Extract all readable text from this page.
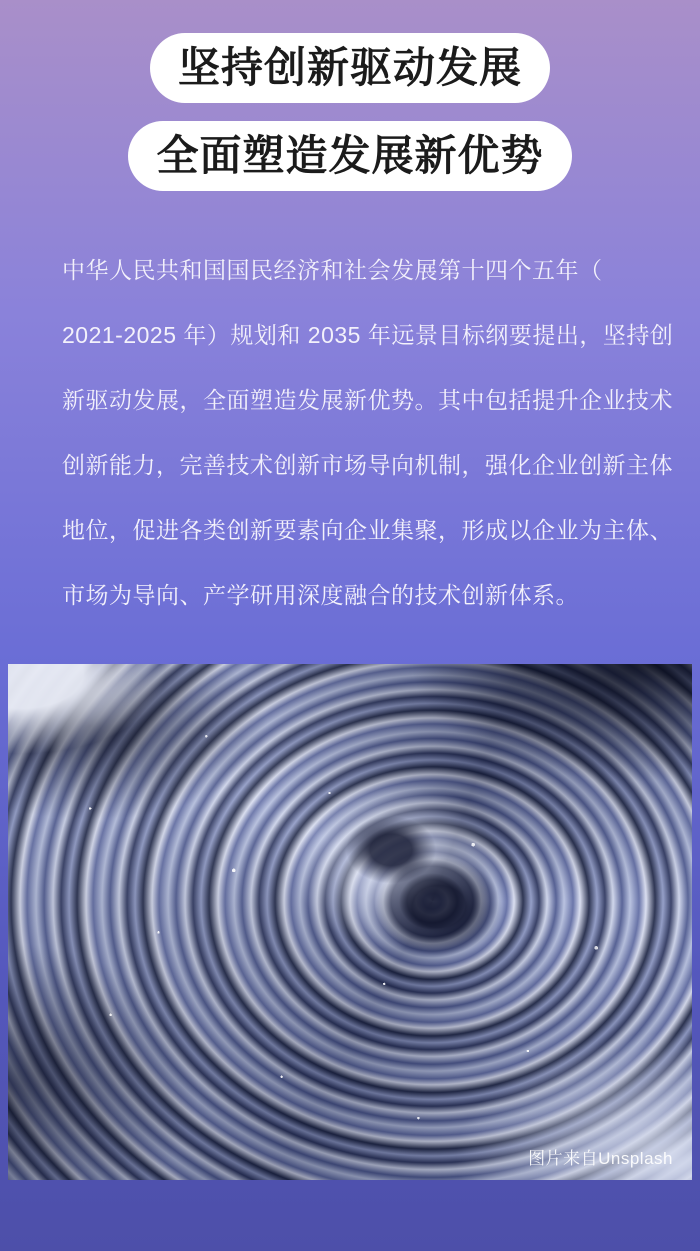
坚持创新驱动发展
全面塑造发展新优势
中华人民共和国国民经济和社会发展第十四个五年（
2021-2025 年）规划和 2035 年远景目标纲要提出，坚持创
新驱动发展，全面塑造发展新优势。其中包括提升企业技术
创新能力，完善技术创新市场导向机制，强化企业创新主体
地位，促进各类创新要素向企业集聚，形成以企业为主体、
市场为导向、产学研用深度融合的技术创新体系。
图片来自Unsplash
